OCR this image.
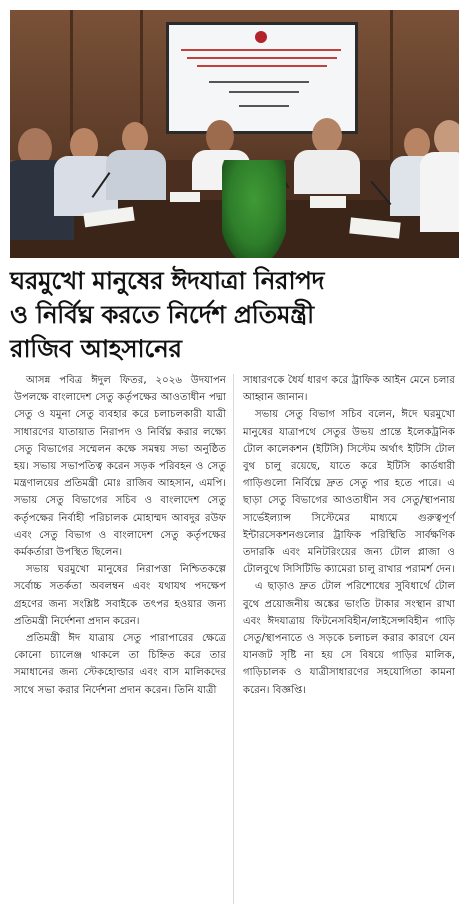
ঘরমুখো মানুষের ঈদযাত্রা নিরাপদ
ও নির্বিঘ্ন করতে নির্দেশ প্রতিমন্ত্রী
রাজিব আহসানের

আসন্ন পবিত্র ঈদুল ফিতর, ২০২৬ উদযাপন উপলক্ষে বাংলাদেশ সেতু কর্তৃপক্ষের আওতাধীন পদ্মা সেতু ও যমুনা সেতু ব্যবহার করে চলাচলকারী যাত্রী সাধারণের যাতায়াত নিরাপদ ও নির্বিঘ্ন করার লক্ষ্যে সেতু বিভাগের সম্মেলন কক্ষে সমন্বয় সভা অনুষ্ঠিত হয়। সভায় সভাপতিত্ব করেন সড়ক পরিবহন ও সেতু মন্ত্রণালয়ের প্রতিমন্ত্রী মোঃ রাজিব আহসান, এমপি। সভায় সেতু বিভাগের সচিব ও বাংলাদেশ সেতু কর্তৃপক্ষের নির্বাহী পরিচালক মোহাম্মদ আবদুর রউফ এবং সেতু বিভাগ ও বাংলাদেশ সেতু কর্তৃপক্ষের কর্মকর্তারা উপস্থিত ছিলেন।

সভায় ঘরমুখো মানুষের নিরাপত্তা নিশ্চিতকল্পে সর্বোচ্চ সতর্কতা অবলম্বন এবং যথাযথ পদক্ষেপ গ্রহণের জন্য সংশ্লিষ্ট সবাইকে তৎপর হওয়ার জন্য প্রতিমন্ত্রী নির্দেশনা প্রদান করেন।

প্রতিমন্ত্রী ঈদ যাত্রায় সেতু পারাপারের ক্ষেত্রে কোনো চ্যালেঞ্জ থাকলে তা চিহ্নিত করে তার সমাধানের জন্য স্টেকহোল্ডার এবং বাস মালিকদের সাথে সভা করার নির্দেশনা প্রদান করেন। তিনি যাত্রী

সাধারণকে ধৈর্য ধারণ করে ট্রাফিক আইন মেনে চলার আহ্বান জানান।

সভায় সেতু বিভাগ সচিব বলেন, ঈদে ঘরমুখো মানুষের যাত্রাপথে সেতুর উভয় প্রান্তে ইলেকট্রনিক টোল কালেকশন (ইটিসি) সিস্টেম অর্থাৎ ইটিসি টোল বুথ চালু রয়েছে, যাতে করে ইটিসি কার্ডধারী গাড়িগুলো নির্বিঘ্নে দ্রুত সেতু পার হতে পারে। এ ছাড়া সেতু বিভাগের আওতাধীন সব সেতু/স্থাপনায় সার্ভেইল্যান্স সিস্টেমের মাধ্যমে গুরুত্বপূর্ণ ইন্টারসেকশনগুলোর ট্রাফিক পরিস্থিতি সার্বক্ষণিক তদারকি এবং মনিটরিংয়ের জন্য টোল প্লাজা ও টোলবুথে সিসিটিভি ক্যামেরা চালু রাখার পরামর্শ দেন।

এ ছাড়াও দ্রুত টোল পরিশোধের সুবিধার্থে টোল বুথে প্রয়োজনীয় অঙ্কের ভাংতি টাকার সংস্থান রাখা এবং ঈদযাত্রায় ফিটনেসবিহীন/লাইসেন্সবিহীন গাড়ি সেতু/স্থাপনাতে ও সড়কে চলাচল করার কারণে যেন যানজট সৃষ্টি না হয় সে বিষয়ে গাড়ির মালিক, গাড়িচালক ও যাত্রীসাধারণের সহযোগিতা কামনা করেন। বিজ্ঞপ্তি।
